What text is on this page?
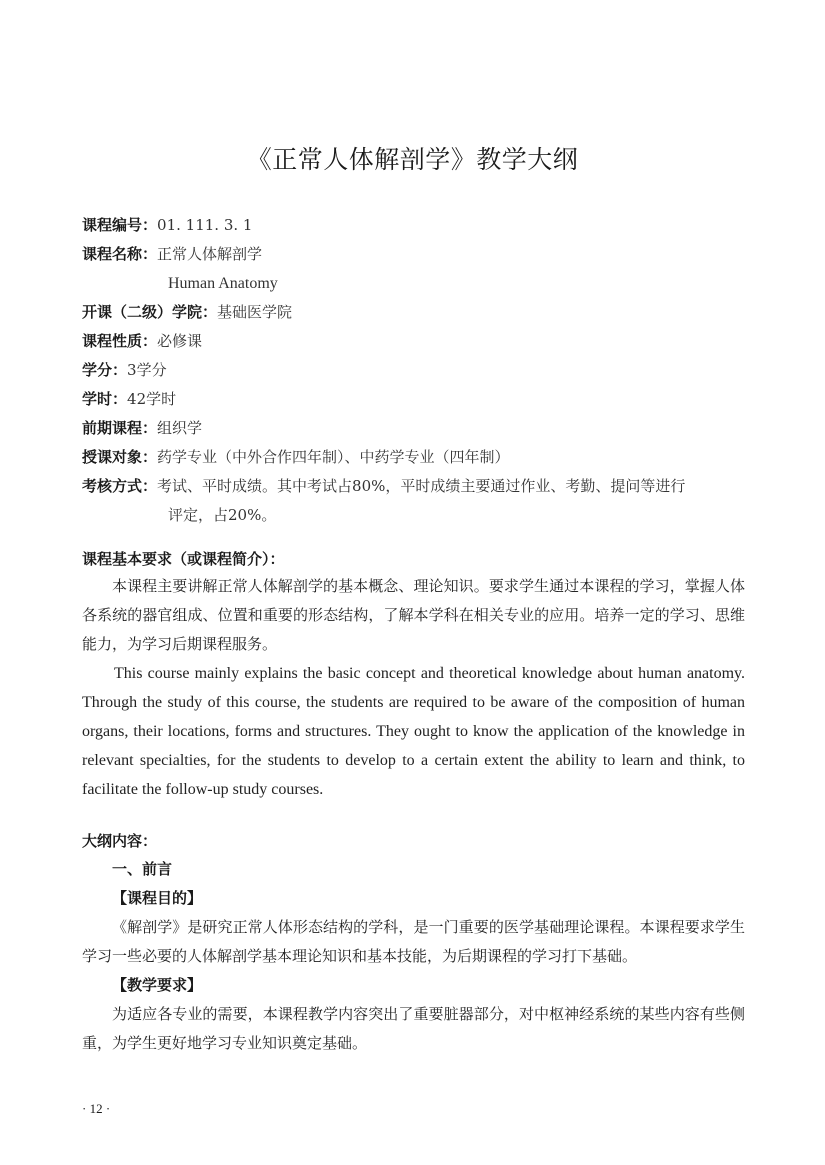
《正常人体解剖学》教学大纲
课程编号：01. 111. 3. 1
课程名称：正常人体解剖学
Human Anatomy
开课（二级）学院：基础医学院
课程性质：必修课
学分：3学分
学时：42学时
前期课程：组织学
授课对象：药学专业（中外合作四年制）、中药学专业（四年制）
考核方式：考试、平时成绩。其中考试占80%，平时成绩主要通过作业、考勤、提问等进行
评定，占20%。
课程基本要求（或课程简介）：

本课程主要讲解正常人体解剖学的基本概念、理论知识。要求学生通过本课程的学习，掌握人体各系统的器官组成、位置和重要的形态结构，了解本学科在相关专业的应用。培养一定的学习、思维能力，为学习后期课程服务。

This course mainly explains the basic concept and theoretical knowledge about human anatomy. Through the study of this course, the students are required to be aware of the composition of human organs, their locations, forms and structures. They ought to know the application of the knowledge in relevant specialties, for the students to develop to a certain extent the ability to learn and think, to facilitate the follow-up study courses.

大纲内容：
一、前言
【课程目的】

《解剖学》是研究正常人体形态结构的学科，是一门重要的医学基础理论课程。本课程要求学生学习一些必要的人体解剖学基本理论知识和基本技能，为后期课程的学习打下基础。

【教学要求】

为适应各专业的需要，本课程教学内容突出了重要脏器部分，对中枢神经系统的某些内容有些侧重，为学生更好地学习专业知识奠定基础。

· 12 ·
